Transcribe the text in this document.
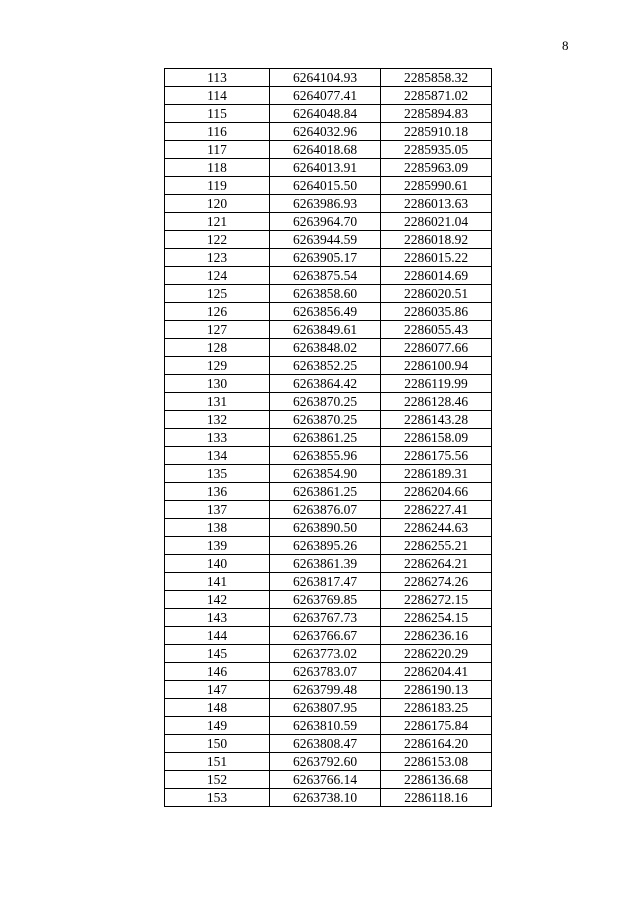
8
113	6264104.93	2285858.32
114	6264077.41	2285871.02
115	6264048.84	2285894.83
116	6264032.96	2285910.18
117	6264018.68	2285935.05
118	6264013.91	2285963.09
119	6264015.50	2285990.61
120	6263986.93	2286013.63
121	6263964.70	2286021.04
122	6263944.59	2286018.92
123	6263905.17	2286015.22
124	6263875.54	2286014.69
125	6263858.60	2286020.51
126	6263856.49	2286035.86
127	6263849.61	2286055.43
128	6263848.02	2286077.66
129	6263852.25	2286100.94
130	6263864.42	2286119.99
131	6263870.25	2286128.46
132	6263870.25	2286143.28
133	6263861.25	2286158.09
134	6263855.96	2286175.56
135	6263854.90	2286189.31
136	6263861.25	2286204.66
137	6263876.07	2286227.41
138	6263890.50	2286244.63
139	6263895.26	2286255.21
140	6263861.39	2286264.21
141	6263817.47	2286274.26
142	6263769.85	2286272.15
143	6263767.73	2286254.15
144	6263766.67	2286236.16
145	6263773.02	2286220.29
146	6263783.07	2286204.41
147	6263799.48	2286190.13
148	6263807.95	2286183.25
149	6263810.59	2286175.84
150	6263808.47	2286164.20
151	6263792.60	2286153.08
152	6263766.14	2286136.68
153	6263738.10	2286118.16
